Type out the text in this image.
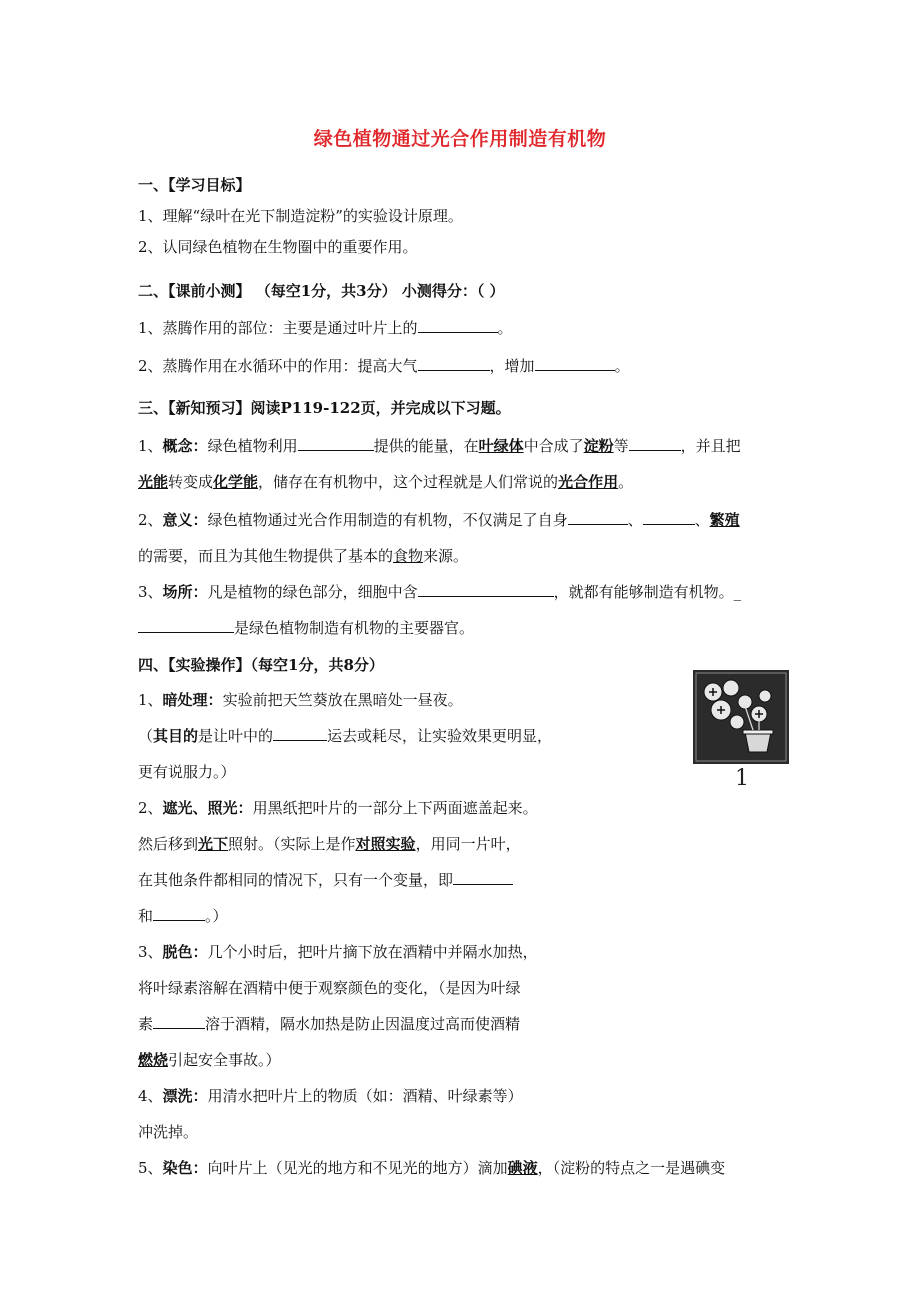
绿色植物通过光合作用制造有机物
一、【学习目标】
1、理解“绿叶在光下制造淀粉”的实验设计原理。
2、认同绿色植物在生物圈中的重要作用。
二、【课前小测】 （每空1分，共3分） 小测得分：（ ）
1、蒸腾作用的部位：主要是通过叶片上的	。
2、蒸腾作用在水循环中的作用：提高大气	，增加	。
三、【新知预习】阅读P119-122页，并完成以下习题。
1、概念：绿色植物利用	提供的能量，在叶绿体中合成了淀粉等	，并且把
光能转变成化学能，储存在有机物中，这个过程就是人们常说的光合作用。
2、意义：绿色植物通过光合作用制造的有机物，不仅满足了自身	、	、繁殖
的需要，而且为其他生物提供了基本的食物来源。
3、场所：凡是植物的绿色部分，细胞中含	，就都有能够制造有机物。_
是绿色植物制造有机物的主要器官。
四、【实验操作】（每空1分，共8分）
1、暗处理：实验前把天竺葵放在黑暗处一昼夜。
（其目的是让叶中的	运去或耗尽，让实验效果更明显，
更有说服力。）
2、遮光、照光：用黑纸把叶片的一部分上下两面遮盖起来。
然后移到光下照射。（实际上是作对照实验，用同一片叶，
在其他条件都相同的情况下，只有一个变量，即
和	。）
3、脱色：几个小时后，把叶片摘下放在酒精中并隔水加热，
将叶绿素溶解在酒精中便于观察颜色的变化，（是因为叶绿
素	溶于酒精，隔水加热是防止因温度过高而使酒精
燃烧引起安全事故。）
4、漂洗：用清水把叶片上的物质（如：酒精、叶绿素等）
冲洗掉。
5、染色：向叶片上（见光的地方和不见光的地方）滴加碘液，（淀粉的特点之一是遇碘变
1
